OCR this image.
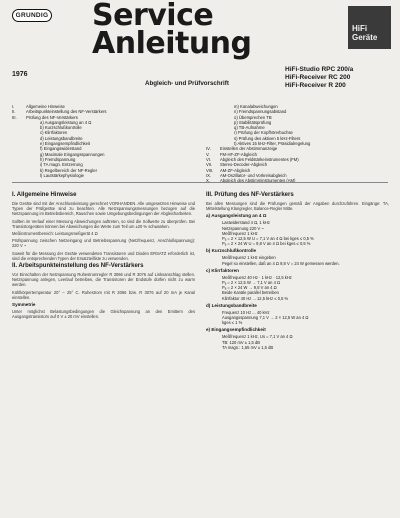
GRUNDIG Service
Anleitung	HiFi
Geräte
1976
Abgleich- und Prüfvorschrift
HiFi-Studio RPC 200/a
HiFi-Receiver RC 200
HiFi-Receiver R 200
I.	Allgemeine Hinweise
II.	Arbeitspunkteinstellung des NF-Verstärkers
III.	Prüfung des NF-Verstärkers
a) Ausgangsleistung an 4 Ω
b) Kurzschlußkontrolle
c) Klirrfaktoren
d) Leistungsbandbreite
e) Eingangsempfindlichkeit
f) Eingangswiderstand
g) Maximale Eingangsspannungen
h) Fremdspannung
i) TA magn. Entzerrung
k) Regelbereich der NF-Regler
l) Lautstärkephysiologie
m) Kanalabweichungen
n) Fremdspannungsabstand
o) Übersprechen TB
p) Stabilitätsprüfung
q) TB-Aufnahme
r) Prüfung der Kopfhörerbuchse
s) Prüfung des aktiven 5 kHz-Filters
t) Aktives 15 kHz-Filter, Präsidialregelung
IV.	Einstellen der Abstimmanzeige
V.	FM-HF-ZF-Abgleich
VI.	Abgleich des Feldstärkeinstrumentes (FM)
VII.	Stereo-Decoder-Abgleich
VIII.	AM-ZF-Abgleich
IX.	AM-Oszillator- und Vorkreisabgleich
X.	Abgleich des Abstimminstrumentes (AM)
I. Allgemeine Hinweise

Die Geräte sind mit der Anschlussleistung gerechnet VORHANDEN. Alle umgesetzten Hinweise und Typen der Prüfgeräte sind zu beachten. Alle Netzspannungsmessungen bezogen auf die Netzspannung im Betriebsbereich, Rauschen sowie Umgebungsbedingungen der Abgleicharbeiten.

Sollten im Verlauf einer Messung Abweichungen auftreten, so sind die Sollwerte zu überprüfen. Bei Transistorgeräten können bei Abweichungen die Werte zum Teil um ±20 % schwanken.

Meßinstrumentbereich: Leistungsmeßgerät 4 Ω

Prüfspannung zwischen Netzeingang und Betriebsspannung (Netzfrequenz, Anschlußspannung): 220 V ~

Soweit für die Messung der Geräte verwendeten Transistoren und Dioden ERSATZ erforderlich ist, sind die entsprechenden Typen der Ersatzteilliste zu verwenden.

II. Arbeitspunkteinstellung des NF-Verstärkers

Vor Einschalten der Netzspannung Ruhestromregler R 3066 und R 3076 auf Linksanschlag stellen. Netzspannung anlegen, Leerlauf betreiben, die Transistoren der Endstufe dürfen nicht zu warm werden.

Kühlkörpertemperatur 20° – 25° C. Ruhestrom mit R 3066 bzw. R 3076 auf 20 mA je Kanal einstellen.

Symmetrie

Unter möglichst Belastungsbedingungen die Gleichspannung an den Emittern des Ausgangstransistors auf 0 V ± 20 mV einstellen.

III. Prüfung des NF-Verstärkers

Bei allen Messungen sind die Prüfungen gemäß der Angaben durchzuführen. Eingänge: TA, Mittelstellung Klangregler, Balance-Regler Mitte.

a) Ausgangsleistung an 4 Ω

Lastwiderstand 4 Ω, 1 kHz

Netzspannung 220 V ~

Meßfrequenz 1 kHz

Pₐ = 2 × 12,5 W U = 7,1 V an 4 Ω bei kges ≤ 0,5 %

Pₐ = 2 × 24 W U = 9,8 V an 4 Ω bei kges ≤ 0,5 %

b) Kurzschlußkontrolle

Meßfrequenz 1 kHz eingeben

Pegel so einstellen, daß an 4 Ω 9,8 V = 24 W gemessen werden.

c) Klirrfaktoren

Meßfrequenz 40 Hz · 1 kHz · 12,5 kHz

Pₐ = 2 × 12,5 W → 7,1 V an 4 Ω

Pₐ = 2 × 24 W → 9,8 V an 4 Ω

Beide Kanäle parallel betreiben

Klirrfaktor 40 Hz ... 12,5 kHz ≤ 0,5 %

d) Leistungsbandbreite

Frequenz 10 Hz ... 40 kHz

Ausgangsspannung 7,1 V → 2 × 12,5 W an 4 Ω

kges ≤ 1 %

e) Eingangsempfindlichkeit

Meßfrequenz 1 kHz, Us = 7,1 V an 4 Ω

TB: 120 mV ± 1,5 dB

TA magn.: 1,65 mV ± 1,5 dB
